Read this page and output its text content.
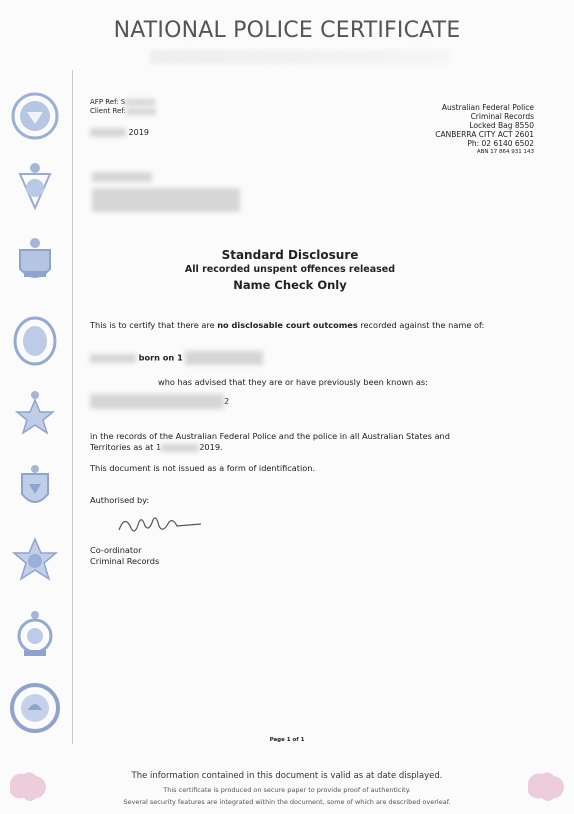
NATIONAL POLICE CERTIFICATE
AFP Ref: S
Client Ref:
2019
Australian Federal Police
Criminal Records
Locked Bag 8550
CANBERRA CITY ACT 2601
Ph: 02 6140 6502
ABN 17 864 931 143
Standard Disclosure
All recorded unspent offences released
Name Check Only
This is to certify that there are no disclosable court outcomes recorded against the name of:
born on 1
who has advised that they are or have previously been known as:
2
in the records of the Australian Federal Police and the police in all Australian States and
Territories as at 1	2019.
This document is not issued as a form of identification.
Authorised by:
Co-ordinator
Criminal Records
Page 1 of 1
The information contained in this document is valid as at date displayed.
This certificate is produced on secure paper to provide proof of authenticity.
Several security features are integrated within the document, some of which are described overleaf.
